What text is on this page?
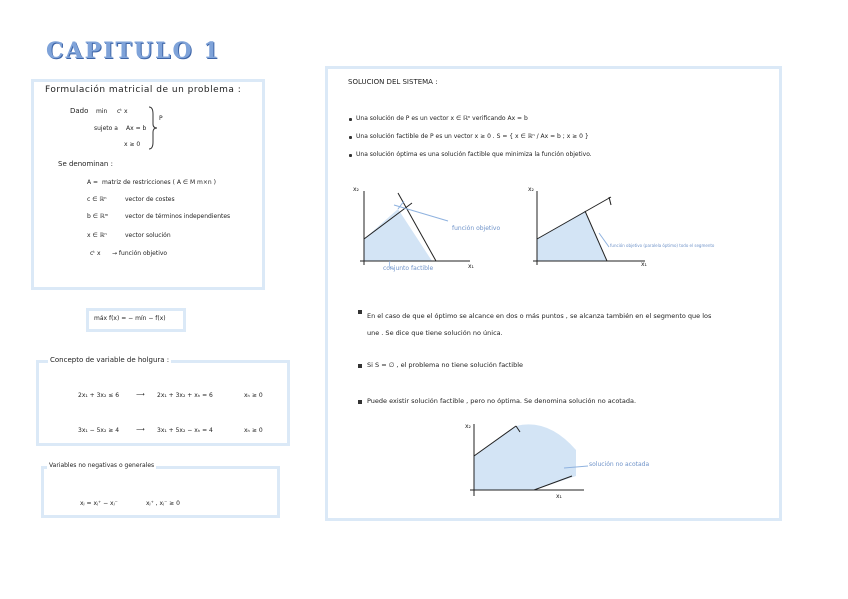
CAPITULO 1
Formulación matricial de un problema :
Dado min cᵗ x
sujeto a Ax = b
x ≥ 0
P
Se denominan :
A = matriz de restricciones ( A ∈ M m×n )
c ∈ ℝⁿ	vector de costes
b ∈ ℝᵐ	vector de términos independientes
x ∈ ℝⁿ	vector solución
cᵗ x → función objetivo
máx f(x) = − mín − f(x)
Concepto de variable de holgura :
2x₁ + 3x₂ ≤ 6	⟶ 2x₁ + 3x₂ + xₕ = 6	xₕ ≥ 0
3x₁ − 5x₂ ≥ 4	⟶ 3x₁ + 5x₂ − xₕ = 4	xₕ ≥ 0
Variables no negativas o generales
xⱼ = xⱼ⁺ − xⱼ⁻	xⱼ⁺ , xⱼ⁻ ≥ 0
SOLUCION DEL SISTEMA :
Una solución de P es un vector x ∈ ℝⁿ verificando Ax = b
Una solución factible de P es un vector x ≥ 0 . S = { x ∈ ℝⁿ / Ax = b ; x ≥ 0 }
Una solución óptima es una solución factible que minimiza la función objetivo.
x₂
x₁
función objetivo
conjunto factible
x₂
x₁
función objetivo (paralela óptimo) todo el segmento
En el caso de que el óptimo se alcance en dos o más puntos , se alcanza también en el segmento que los une . Se dice que tiene solución no única.
Si S = ∅ , el problema no tiene solución factible
Puede existir solución factible , pero no óptima. Se denomina solución no acotada.
x₂
x₁
solución no acotada
